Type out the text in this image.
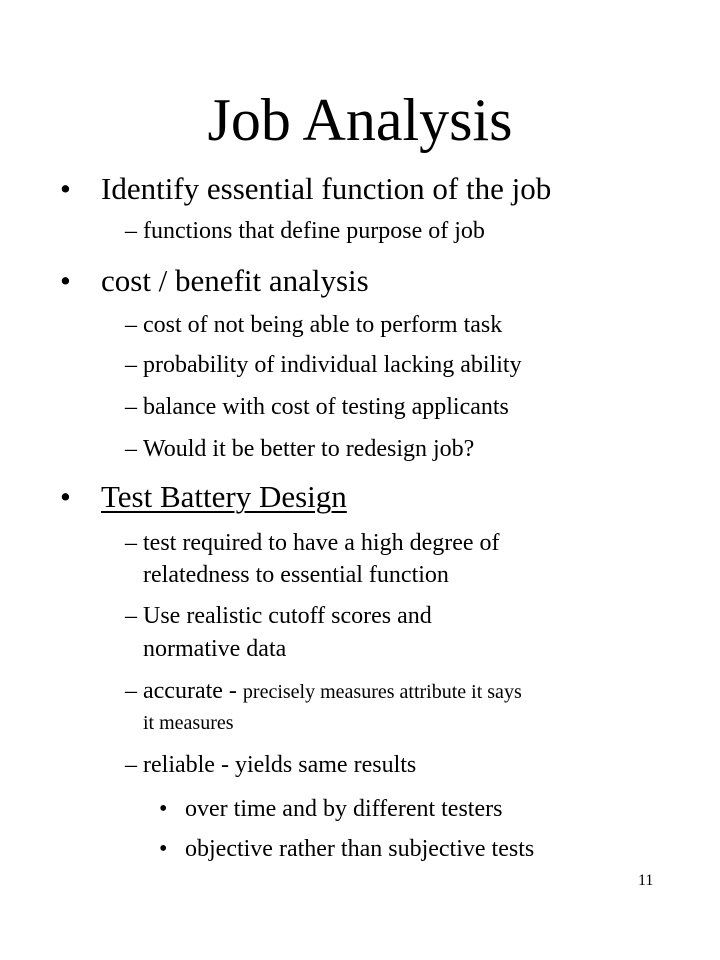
Job Analysis
• Identify essential function of the job
– functions that define purpose of job
• cost / benefit analysis
– cost of not being able to perform task
– probability of individual lacking ability
– balance with cost of testing applicants
– Would it be better to redesign job?
• Test Battery Design
– test required to have a high degree of
relatedness to essential function
– Use realistic cutoff scores and
normative data
– accurate - precisely measures attribute it says
it measures
– reliable - yields same results
• over time and by different testers
• objective rather than subjective tests
11
